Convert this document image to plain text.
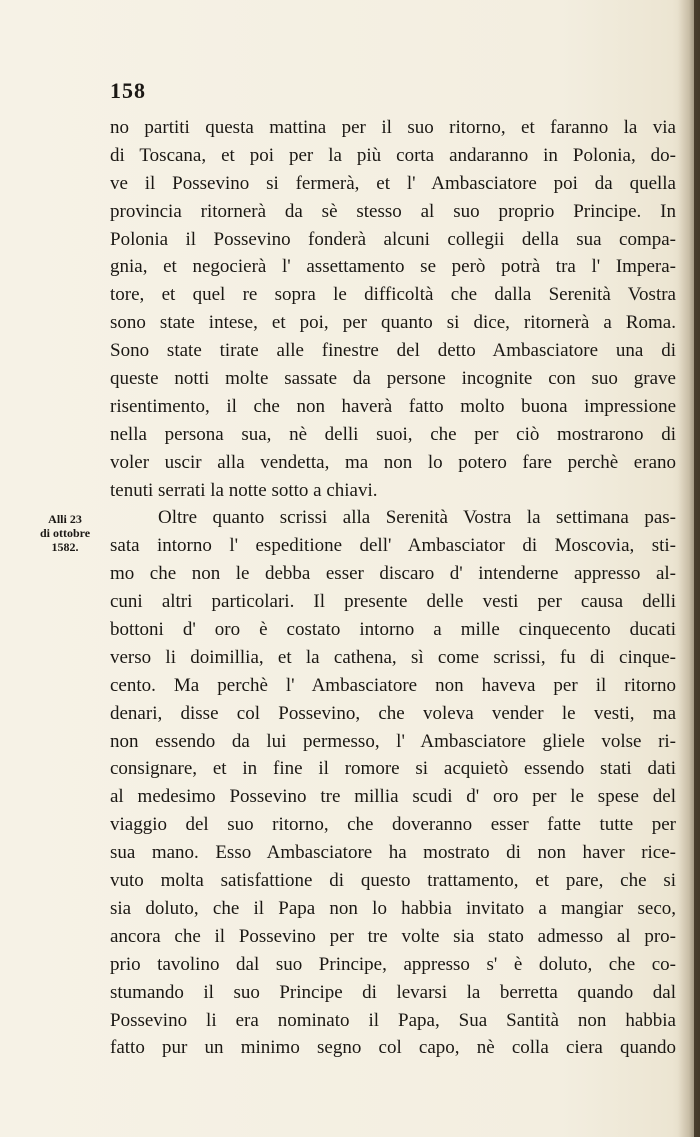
158
Alli 23
di ottobre
1582.
no partiti questa mattina per il suo ritorno, et faranno la via
di Toscana, et poi per la più corta andaranno in Polonia, do-
ve il Possevino si fermerà, et l' Ambasciatore poi da quella
provincia ritornerà da sè stesso al suo proprio Principe. In
Polonia il Possevino fonderà alcuni collegii della sua compa-
gnia, et negocierà l' assettamento se però potrà tra l' Impera-
tore, et quel re sopra le difficoltà che dalla Serenità Vostra
sono state intese, et poi, per quanto si dice, ritornerà a Roma.
Sono state tirate alle finestre del detto Ambasciatore una di
queste notti molte sassate da persone incognite con suo grave
risentimento, il che non haverà fatto molto buona impressione
nella persona sua, nè delli suoi, che per ciò mostrarono di
voler uscir alla vendetta, ma non lo potero fare perchè erano
tenuti serrati la notte sotto a chiavi.
Oltre quanto scrissi alla Serenità Vostra la settimana pas-
sata intorno l' espeditione dell' Ambasciator di Moscovia, sti-
mo che non le debba esser discaro d' intenderne appresso al-
cuni altri particolari. Il presente delle vesti per causa delli
bottoni d' oro è costato intorno a mille cinquecento ducati
verso li doimillia, et la cathena, sì come scrissi, fu di cinque-
cento. Ma perchè l' Ambasciatore non haveva per il ritorno
denari, disse col Possevino, che voleva vender le vesti, ma
non essendo da lui permesso, l' Ambasciatore gliele volse ri-
consignare, et in fine il romore si acquietò essendo stati dati
al medesimo Possevino tre millia scudi d' oro per le spese del
viaggio del suo ritorno, che doveranno esser fatte tutte per
sua mano. Esso Ambasciatore ha mostrato di non haver rice-
vuto molta satisfattione di questo trattamento, et pare, che si
sia doluto, che il Papa non lo habbia invitato a mangiar seco,
ancora che il Possevino per tre volte sia stato admesso al pro-
prio tavolino dal suo Principe, appresso s' è doluto, che co-
stumando il suo Principe di levarsi la berretta quando dal
Possevino li era nominato il Papa, Sua Santità non habbia
fatto pur un minimo segno col capo, nè colla ciera quando
